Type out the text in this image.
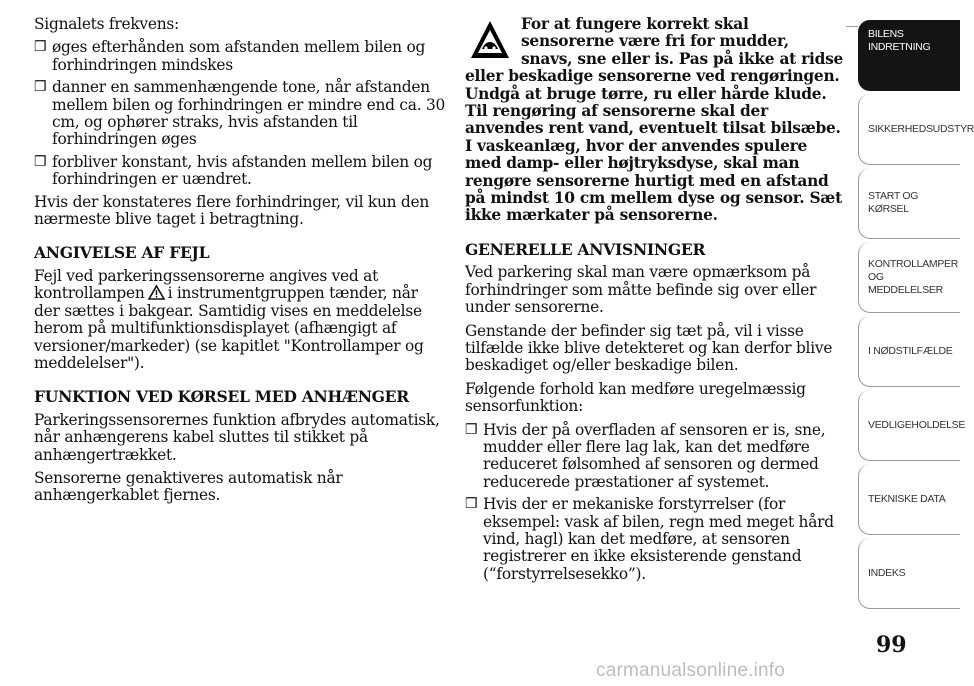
Signalets frekvens:

❒ øges efterhånden som afstanden mellem bilen og forhindringen mindskes
❒ danner en sammenhængende tone, når afstanden mellem bilen og forhindringen er mindre end ca. 30 cm, og ophører straks, hvis afstanden til forhindringen øges
❒ forbliver konstant, hvis afstanden mellem bilen og forhindringen er uændret.

Hvis der konstateres flere forhindringer, vil kun den nærmeste blive taget i betragtning.

ANGIVELSE AF FEJL

Fejl ved parkeringssensorerne angives ved at kontrollampen i instrumentgruppen tænder, når der sættes i bakgear. Samtidig vises en meddelelse herom på multifunktionsdisplayet (afhængigt af versioner/markeder) (se kapitlet "Kontrollamper og meddelelser").

FUNKTION VED KØRSEL MED ANHÆNGER

Parkeringssensorernes funktion afbrydes automatisk, når anhængerens kabel sluttes til stikket på anhængertrækket.

Sensorerne genaktiveres automatisk når anhængerkablet fjernes.

For at fungere korrekt skal sensorerne være fri for mudder, snavs, sne eller is. Pas på ikke at ridse eller beskadige sensorerne ved rengøringen. Undgå at bruge tørre, ru eller hårde klude. Til rengøring af sensorerne skal der anvendes rent vand, eventuelt tilsat bilsæbe. I vaskeanlæg, hvor der anvendes spulere med damp- eller højtryksdyse, skal man rengøre sensorerne hurtigt med en afstand på mindst 10 cm mellem dyse og sensor. Sæt ikke mærkater på sensorerne.
GENERELLE ANVISNINGER

Ved parkering skal man være opmærksom på forhindringer som måtte befinde sig over eller under sensorerne.

Genstande der befinder sig tæt på, vil i visse tilfælde ikke blive detekteret og kan derfor blive beskadiget og/eller beskadige bilen.

Følgende forhold kan medføre uregelmæssig sensorfunktion:

❒ Hvis der på overfladen af sensoren er is, sne, mudder eller flere lag lak, kan det medføre reduceret følsomhed af sensoren og dermed reducerede præstationer af systemet.
❒ Hvis der er mekaniske forstyrrelser (for eksempel: vask af bilen, regn med meget hård vind, hagl) kan det medføre, at sensoren registrerer en ikke eksisterende genstand (“forstyrrelsesekko”).
BILENS INDRETNING
SIKKERHEDSUDSTYR
START OG KØRSEL
KONTROLLAMPER OG MEDDELELSER
I NØDSTILFÆLDE
VEDLIGEHOLDELSE
TEKNISKE DATA
INDEKS
99
carmanualsonline.info
